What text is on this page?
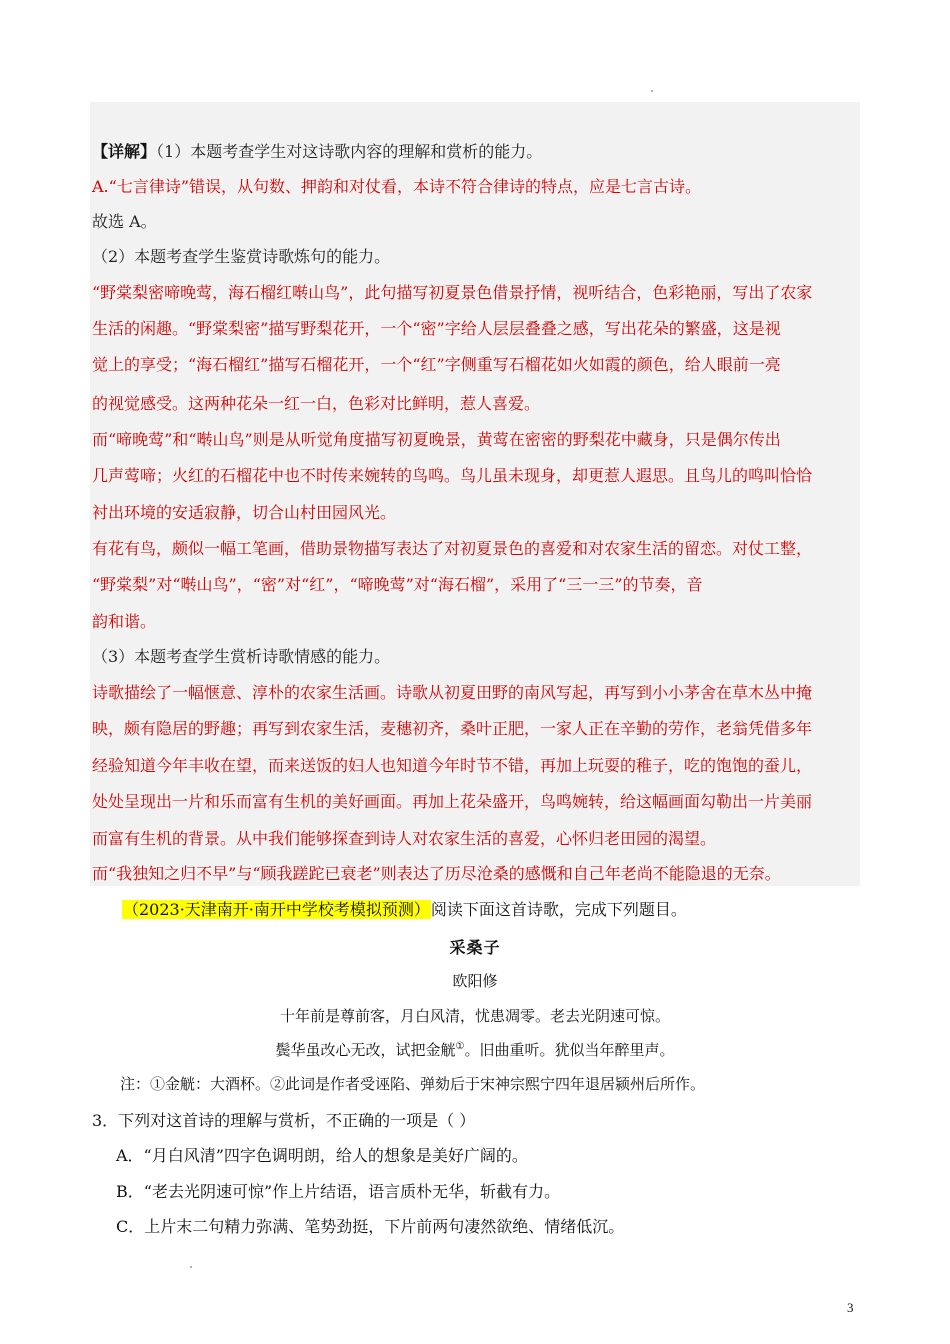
【详解】（1）本题考查学生对这诗歌内容的理解和赏析的能力。
A.“七言律诗”错误，从句数、押韵和对仗看，本诗不符合律诗的特点，应是七言古诗。
故选 A。
（2）本题考查学生鉴赏诗歌炼句的能力。
“野棠梨密啼晚莺，海石榴红啭山鸟”，此句描写初夏景色借景抒情，视听结合，色彩艳丽，写出了农家
生活的闲趣。“野棠梨密”描写野梨花开，一个“密”字给人层层叠叠之感，写出花朵的繁盛，这是视
觉上的享受；“海石榴红”描写石榴花开，一个“红”字侧重写石榴花如火如霞的颜色，给人眼前一亮
的视觉感受。这两种花朵一红一白，色彩对比鲜明，惹人喜爱。
而“啼晚莺”和“啭山鸟”则是从听觉角度描写初夏晚景，黄莺在密密的野梨花中藏身，只是偶尔传出
几声莺啼；火红的石榴花中也不时传来婉转的鸟鸣。鸟儿虽未现身，却更惹人遐思。且鸟儿的鸣叫恰恰
衬出环境的安适寂静，切合山村田园风光。
有花有鸟，颇似一幅工笔画，借助景物描写表达了对初夏景色的喜爱和对农家生活的留恋。对仗工整，
“野棠梨”对“啭山鸟”，“密”对“红”，“啼晚莺”对“海石榴”，采用了“三一三”的节奏，音
韵和谐。
（3）本题考查学生赏析诗歌情感的能力。
诗歌描绘了一幅惬意、淳朴的农家生活画。诗歌从初夏田野的南风写起，再写到小小茅舍在草木丛中掩
映，颇有隐居的野趣；再写到农家生活，麦穗初齐，桑叶正肥，一家人正在辛勤的劳作，老翁凭借多年
经验知道今年丰收在望，而来送饭的妇人也知道今年时节不错，再加上玩耍的稚子，吃的饱饱的蚕儿，
处处呈现出一片和乐而富有生机的美好画面。再加上花朵盛开，鸟鸣婉转，给这幅画面勾勒出一片美丽
而富有生机的背景。从中我们能够探查到诗人对农家生活的喜爱，心怀归老田园的渴望。
而“我独知之归不早”与“顾我蹉跎已衰老”则表达了历尽沧桑的感慨和自己年老尚不能隐退的无奈。
（2023·天津南开·南开中学校考模拟预测）阅读下面这首诗歌，完成下列题目。
采桑子
欧阳修
十年前是尊前客，月白风清，忧患凋零。老去光阴速可惊。
鬓华虽改心无改，试把金觥①。旧曲重听。犹似当年醉里声。
注：①金觥：大酒杯。②此词是作者受诬陷、弹劾后于宋神宗熙宁四年退居颍州后所作。
3．下列对这首诗的理解与赏析，不正确的一项是（ ）
A．“月白风清”四字色调明朗，给人的想象是美好广阔的。
B．“老去光阴速可惊”作上片结语，语言质朴无华，斩截有力。
C．上片末二句精力弥满、笔势劲挺，下片前两句凄然欲绝、情绪低沉。
3
